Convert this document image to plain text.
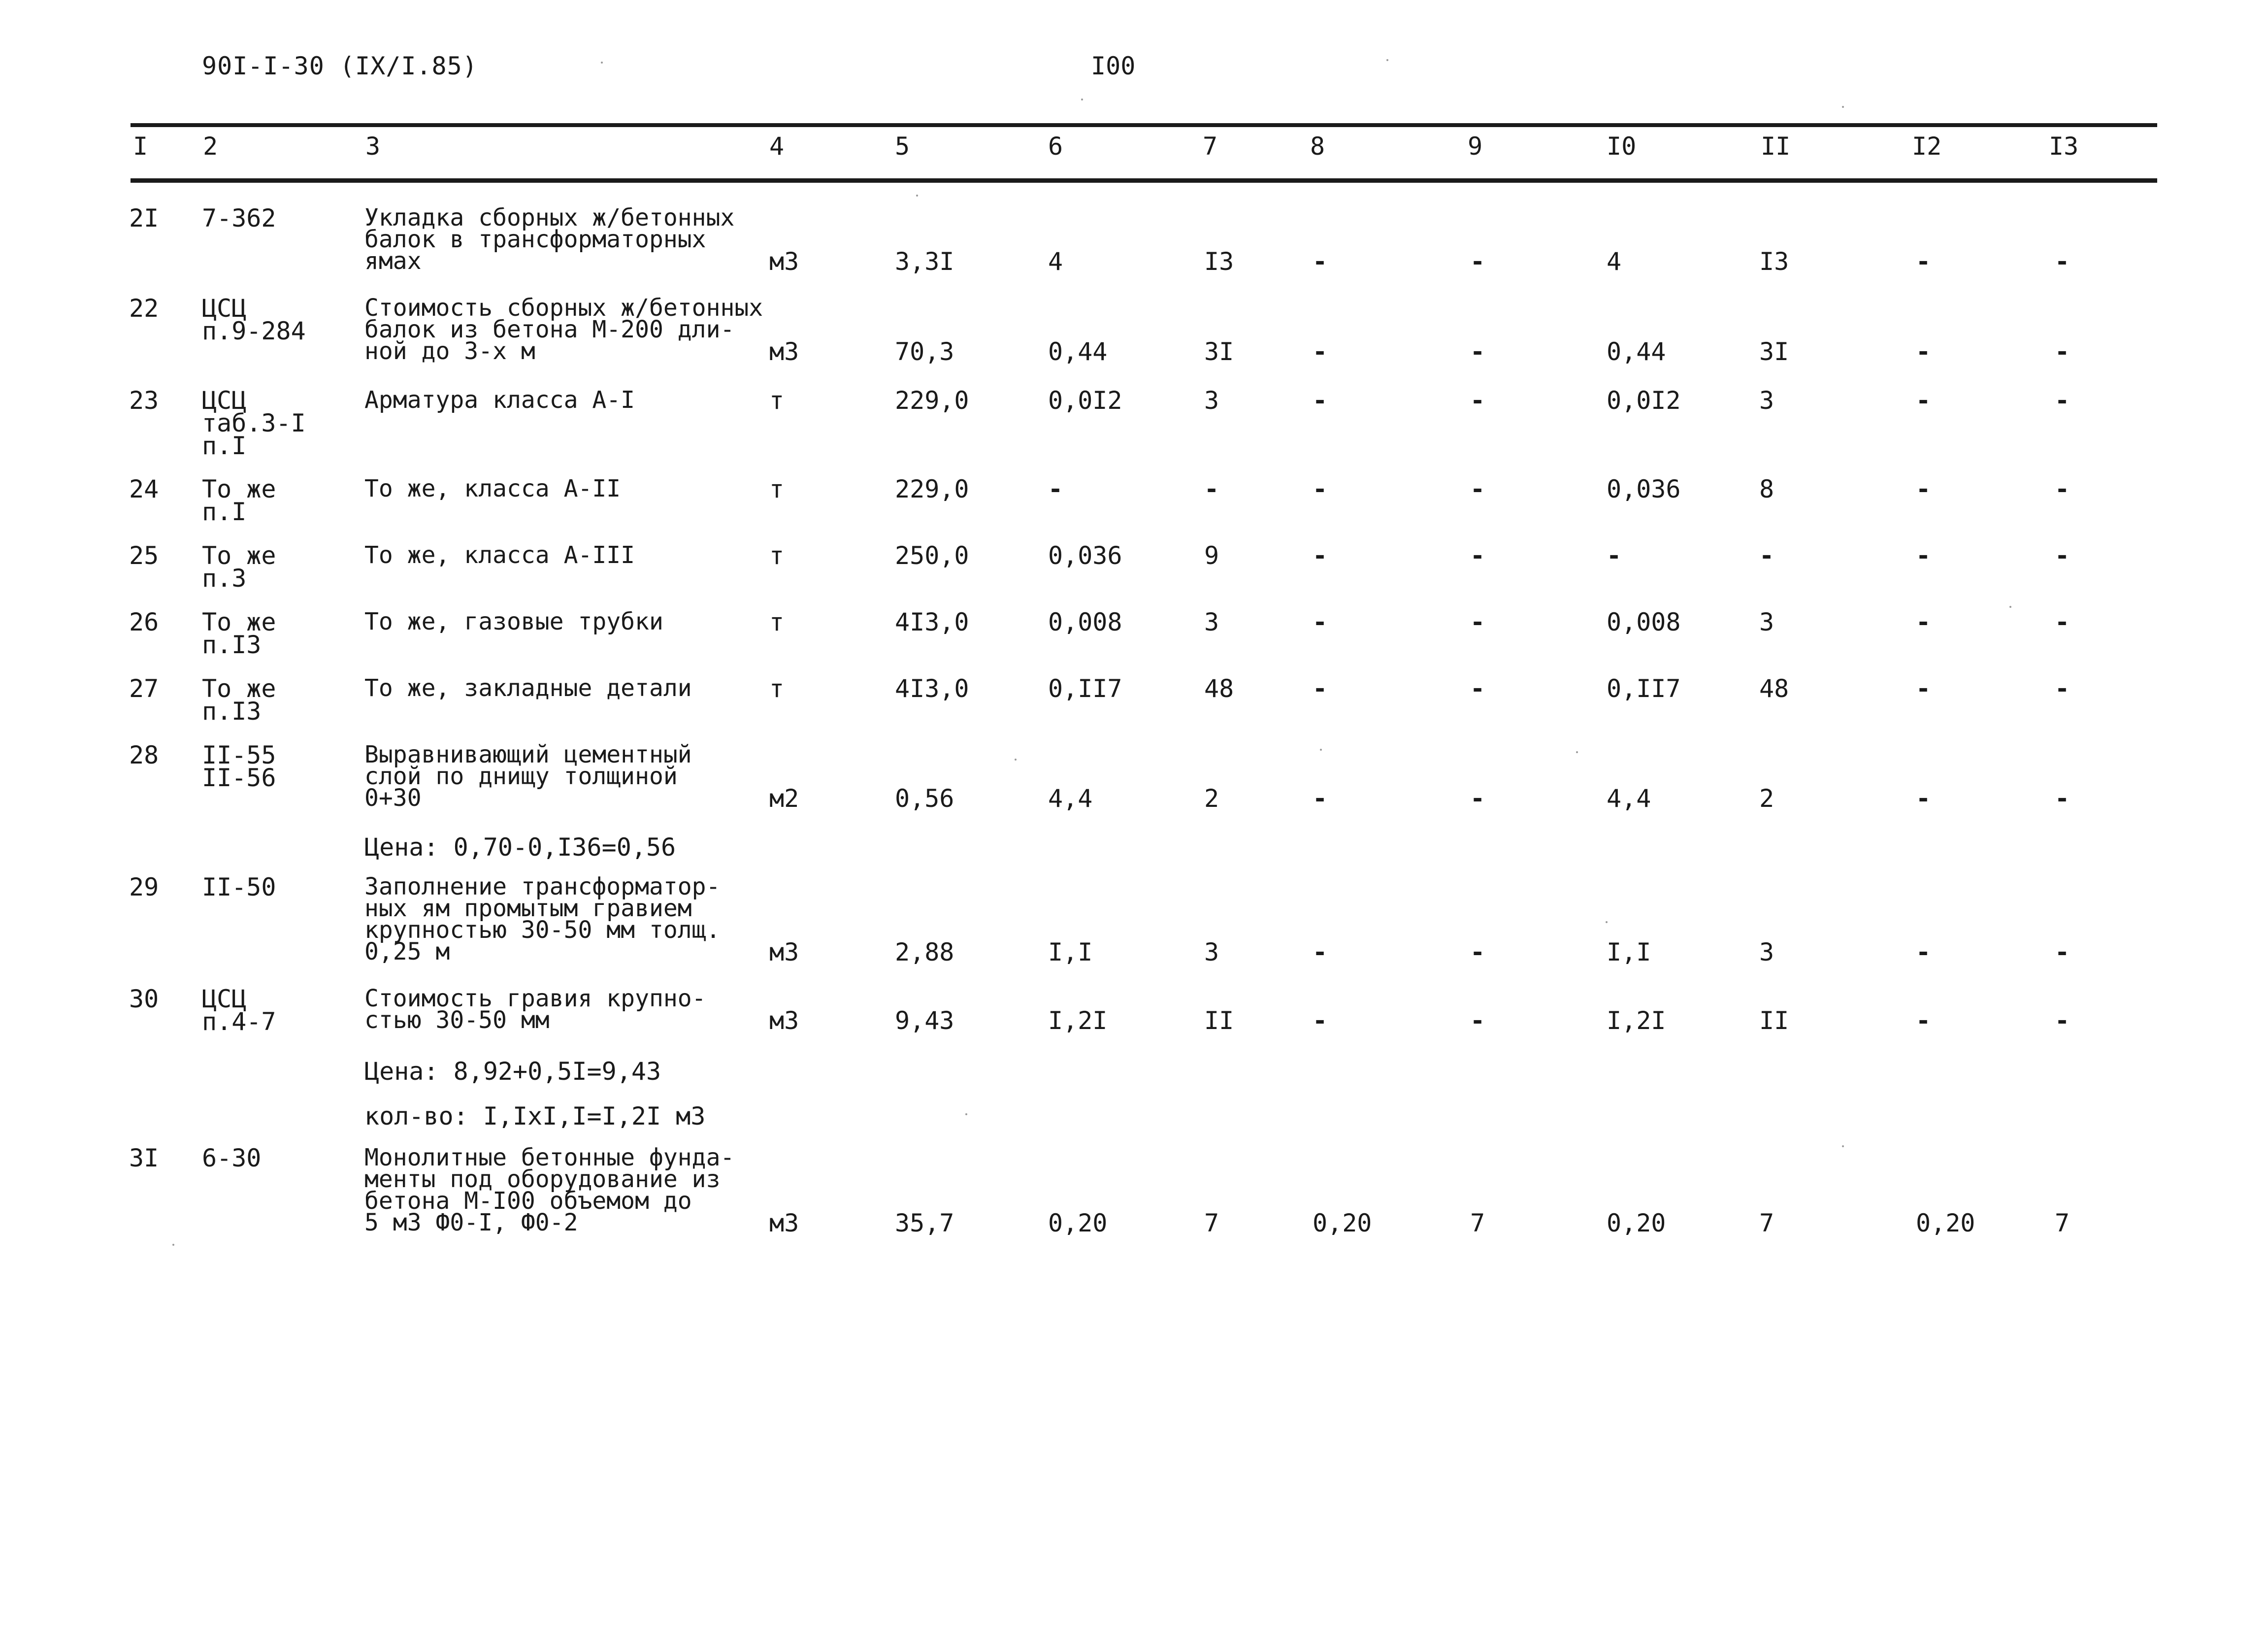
90I-I-30 (IX/I.85)	I00
I 2	3	4	5	6	7	8	9	I0	II	I2	I3
2I 7-362	Укладка сборных ж/бетонных
балок в трансформаторных
ямах	м3	3,3I	4	I3	-	-	4	I3	-	-
22 ЦСЦ
п.9-284
Стоимость сборных ж/бетонных
балок из бетона М-200 дли-
ной до 3-х м	м3	70,3	0,44	3I	-	-	0,44	3I	-	-
23 ЦСЦ
таб.3-I
п.I
Арматура класса А-I	т	229,0	0,0I2	3	-	-	0,0I2	3	-	-
24 То же
п.I
То же, класса А-II	т	229,0	-	-	-	-	0,036	8	-	-
25 То же
п.3
То же, класса А-III	т	250,0	0,036	9	-	-	-	-	-	-
26 То же
п.I3
То же, газовые трубки	т	4I3,0	0,008	3	-	-	0,008	3	-	-
27 То же
п.I3
То же, закладные детали	т	4I3,0	0,II7	48	-	-	0,II7	48	-	-
28 II-55
II-56
Выравнивающий цементный
слой по днищу толщиной
0+30	м2	0,56	4,4	2	-	-	4,4	2	-	-
29 II-50	Заполнение трансформатор-
ных ям промытым гравием
крупностью 30-50 мм толщ.
0,25 м	м3	2,88	I,I	3	-	-	I,I	3	-	-
30 ЦСЦ
п.4-7
Стоимость гравия крупно-
стью 30-50 мм	м3	9,43	I,2I	II	-	-	I,2I	II	-	-
3I 6-30	Монолитные бетонные фунда-
менты под оборудование из
бетона М-I00 объемом до
5 м3 Ф0-I, Ф0-2	м3	35,7	0,20	7	0,20	7	0,20	7	0,20	7
Цена: 0,70-0,I36=0,56
Цена: 8,92+0,5I=9,43
кол-во: I,IxI,I=I,2I м3
